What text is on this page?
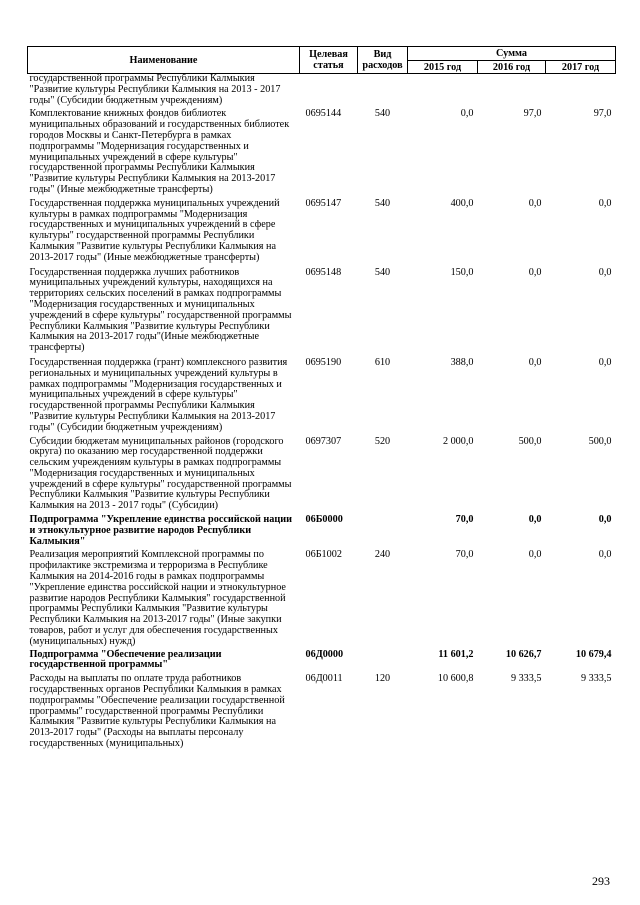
Наименование	Целевая статья	Вид расходов	Сумма		
			2015 год	2016 год	2017 год
государственной программы Республики Калмыкия "Развитие культуры Республики Калмыкия на 2013 - 2017 годы" (Субсидии бюджетным учреждениям)					
Комплектование книжных фондов библиотек муниципальных образований и государственных библиотек городов Москвы и Санкт-Петербурга в рамках подпрограммы "Модернизация государственных и муниципальных учреждений в сфере культуры" государственной программы Республики Калмыкия "Развитие культуры Республики Калмыкия на 2013-2017 годы" (Иные межбюджетные трансферты)	0695144	540	0,0	97,0	97,0
Государственная поддержка муниципальных учреждений культуры в рамках подпрограммы "Модернизация государственных и муниципальных учреждений в сфере культуры" государственной программы Республики Калмыкия "Развитие культуры Республики Калмыкия на 2013-2017 годы" (Иные межбюджетные трансферты)	0695147	540	400,0	0,0	0,0
Государственная поддержка лучших работников муниципальных учреждений культуры, находящихся на территориях сельских поселений в рамках подпрограммы "Модернизация государственных и муниципальных учреждений в сфере культуры" государственной программы Республики Калмыкия "Развитие культуры Республики Калмыкия на 2013-2017 годы"(Иные межбюджетные трансферты)	0695148	540	150,0	0,0	0,0
Государственная поддержка (грант) комплексного развития региональных и муниципальных учреждений культуры в рамках подпрограммы "Модернизация государственных и муниципальных учреждений в сфере культуры" государственной программы Республики Калмыкия "Развитие культуры Республики Калмыкия на 2013-2017 годы" (Субсидии бюджетным учреждениям)	0695190	610	388,0	0,0	0,0
Субсидии бюджетам муниципальных районов (городского округа) по оказанию мер государственной поддержки сельским учреждениям культуры в рамках подпрограммы "Модернизация государственных и муниципальных учреждений в сфере культуры" государственной программы Республики Калмыкия "Развитие культуры Республики Калмыкия на 2013 - 2017 годы" (Субсидии)	0697307	520	2 000,0	500,0	500,0
Подпрограмма "Укрепление единства российской нации и этнокультурное развитие народов Республики Калмыкия"	06Б0000		70,0	0,0	0,0
Реализация мероприятий Комплексной программы по профилактике экстремизма и терроризма в Республике Калмыкия на 2014-2016 годы в рамках подпрограммы "Укрепление единства российской нации и этнокультурное развитие народов Республики Калмыкия" государственной программы Республики Калмыкия "Развитие культуры Республики Калмыкия на 2013-2017 годы" (Иные закупки товаров, работ и услуг для обеспечения государственных (муниципальных) нужд)	06Б1002	240	70,0	0,0	0,0
Подпрограмма "Обеспечение реализации государственной программы"	06Д0000		11 601,2	10 626,7	10 679,4
Расходы на выплаты по оплате труда работников государственных органов Республики Калмыкия в рамках подпрограммы "Обеспечение реализации государственной программы" государственной программы Республики Калмыкия "Развитие культуры Республики Калмыкия на 2013-2017 годы" (Расходы на выплаты персоналу государственных (муниципальных)	06Д0011	120	10 600,8	9 333,5	9 333,5
293
